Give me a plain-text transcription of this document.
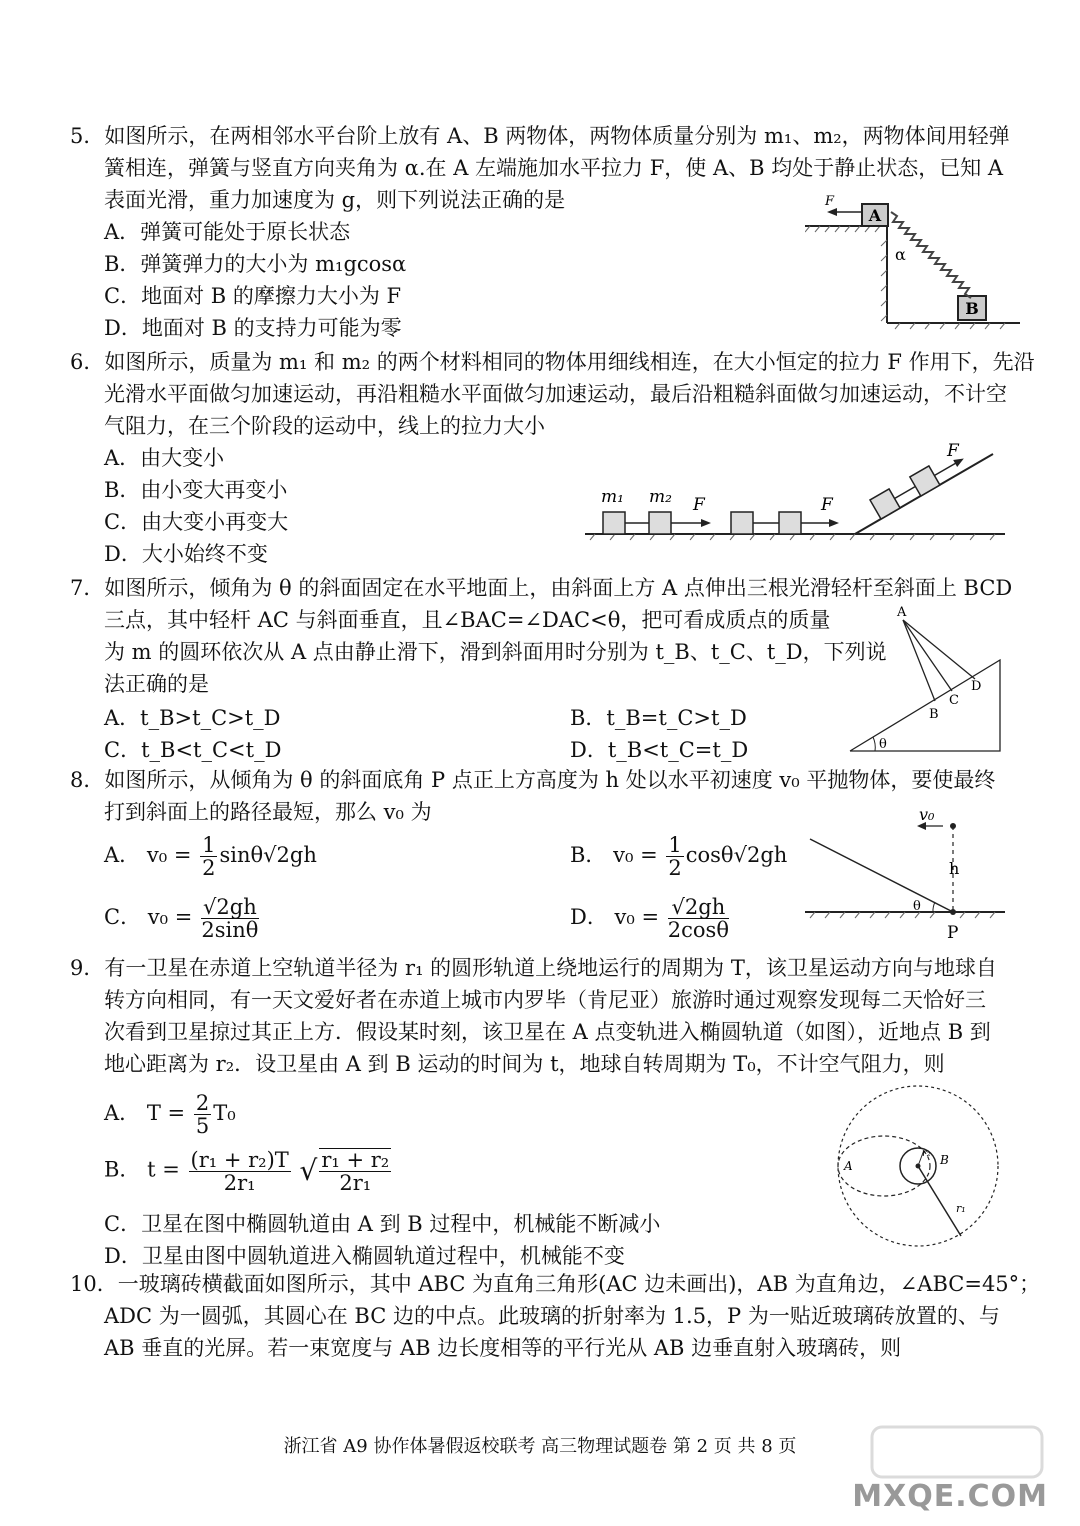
5．如图所示，在两相邻水平台阶上放有 A、B 两物体，两物体质量分别为 m₁、m₂，两物体间用轻弹
簧相连，弹簧与竖直方向夹角为 α.在 A 左端施加水平拉力 F，使 A、B 均处于静止状态，已知 A
表面光滑，重力加速度为 g，则下列说法正确的是
A．弹簧可能处于原长状态
B．弹簧弹力的大小为 m₁gcosα
C．地面对 B 的摩擦力大小为 F
D．地面对 B 的支持力可能为零
A
B
F
α
6．如图所示，质量为 m₁ 和 m₂ 的两个材料相同的物体用细线相连，在大小恒定的拉力 F 作用下，先沿
光滑水平面做匀加速运动，再沿粗糙水平面做匀加速运动，最后沿粗糙斜面做匀加速运动，不计空
气阻力，在三个阶段的运动中，线上的拉力大小
A．由大变小
B．由小变大再变小
C．由大变小再变大
D．大小始终不变
m₁ m₂ F	F
F
7．如图所示，倾角为 θ 的斜面固定在水平地面上，由斜面上方 A 点伸出三根光滑轻杆至斜面上 BCD
三点，其中轻杆 AC 与斜面垂直，且∠BAC=∠DAC<θ，把可看成质点的质量
为 m 的圆环依次从 A 点由静止滑下，滑到斜面用时分别为 t_B、t_C、t_D，下列说
法正确的是
A．t_B>t_C>t_D	B．t_B=t_C>t_D
C．t_B<t_C<t_D	D．t_B<t_C=t_D
A
B
C
D
θ
8．如图所示，从倾角为 θ 的斜面底角 P 点正上方高度为 h 处以水平初速度 v₀ 平抛物体，要使最终
打到斜面上的路径最短，那么 v₀ 为
A． $v_0 = \frac{1}{2} \sin\theta√2gh$	B． $v_0 = \frac{1}{2} \cos\theta√2gh$
C． $v_0 = \frac{√2gh}{2\sin\theta}$	D． $v_0 = \frac{√2gh}{2\cos\theta}$
v₀
h
θ
P
9．有一卫星在赤道上空轨道半径为 r₁ 的圆形轨道上绕地运行的周期为 T，该卫星运动方向与地球自
转方向相同，有一天文爱好者在赤道上城市内罗毕（肯尼亚）旅游时通过观察发现每二天恰好三
次看到卫星掠过其正上方．假设某时刻，该卫星在 A 点变轨进入椭圆轨道（如图），近地点 B 到
地心距离为 r₂．设卫星由 A 到 B 运动的时间为 t，地球自转周期为 T₀，不计空气阻力，则
A． $T = \frac{2}{5} T_0$
B． $t = \frac{\text{(r₁ + r₂)T}}{\text{2r₁}}$ √ $\frac{\text{r₁ + r₂}}{\text{2r₁}}$
C．卫星在图中椭圆轨道由 A 到 B 过程中，机械能不断减小
D．卫星由图中圆轨道进入椭圆轨道过程中，机械能不变
A	B
r₂
r₁
10．一玻璃砖横截面如图所示，其中 ABC 为直角三角形(AC 边未画出)，AB 为直角边，∠ABC=45°；
ADC 为一圆弧，其圆心在 BC 边的中点。此玻璃的折射率为 1.5，P 为一贴近玻璃砖放置的、与
AB 垂直的光屏。若一束宽度与 AB 边长度相等的平行光从 AB 边垂直射入玻璃砖，则
浙江省 A9 协作体暑假返校联考 高三物理试题卷 第 2 页 共 8 页
MXQE.COM
